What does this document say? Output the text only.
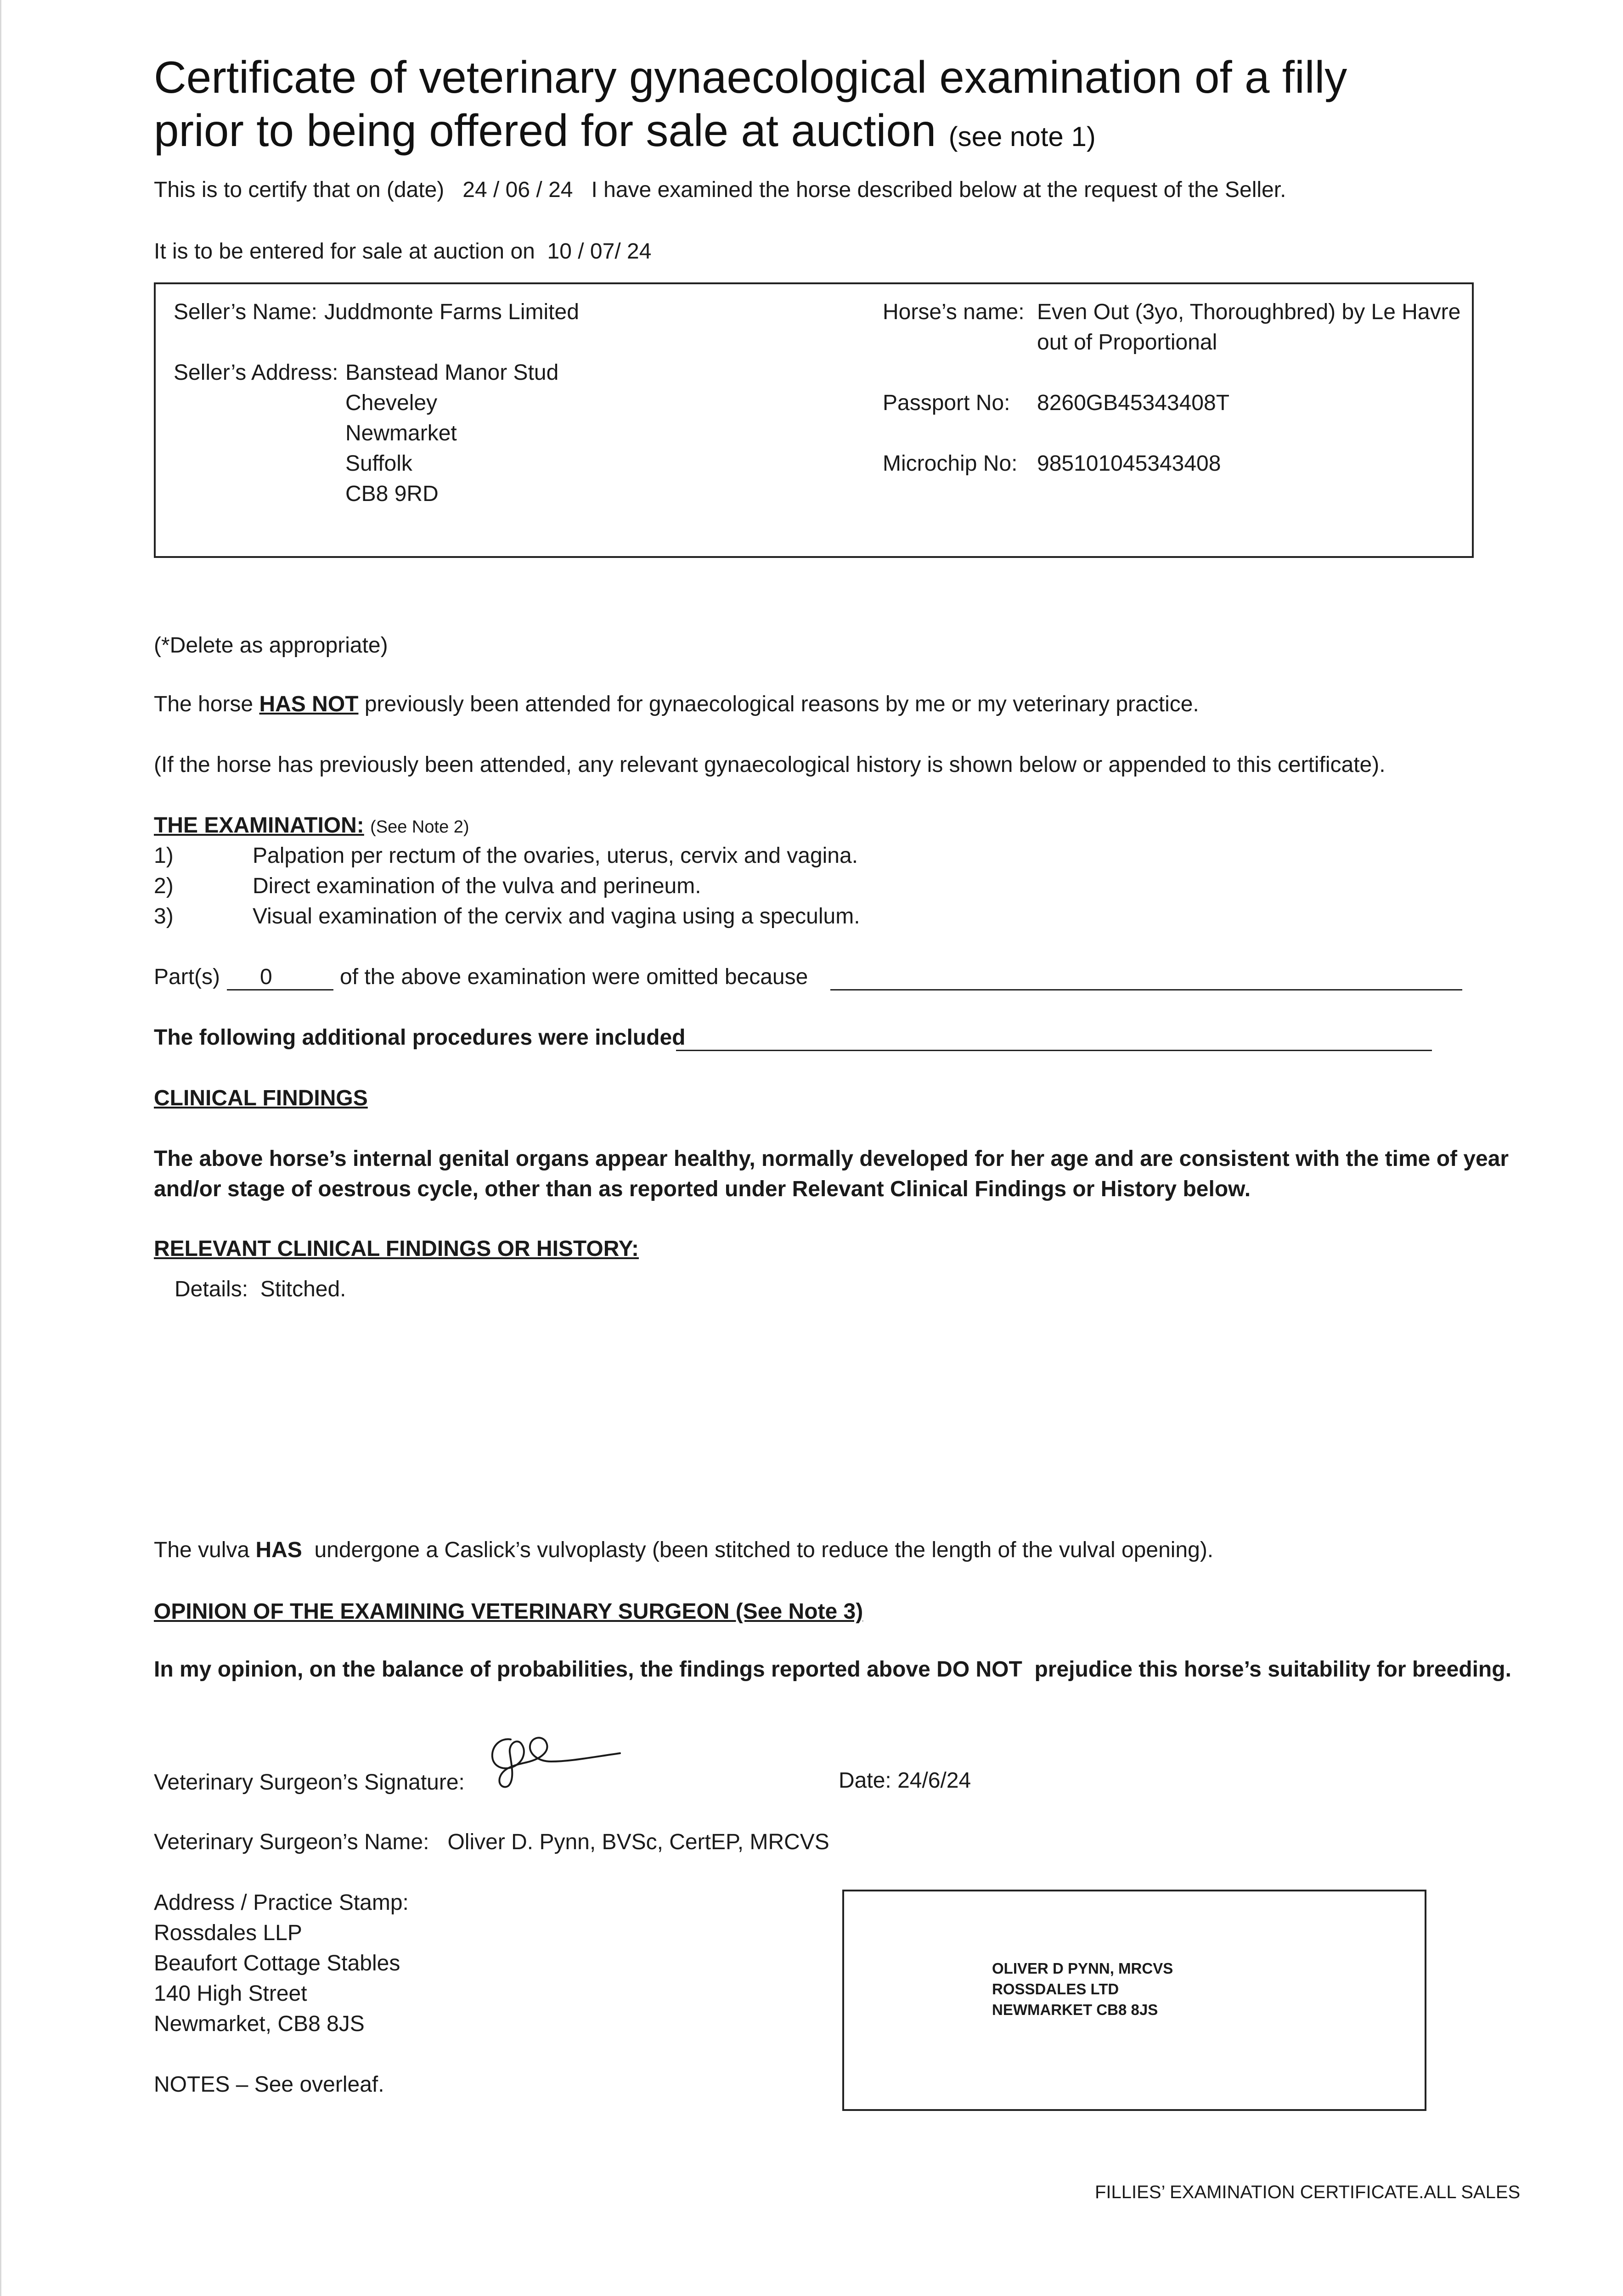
Certificate of veterinary gynaecological examination of a filly
prior to being offered for sale at auction (see note 1)
This is to certify that on (date) 24 / 06 / 24 I have examined the horse described below at the request of the Seller.
It is to be entered for sale at auction on 10 / 07/ 24
Seller’s Name: Juddmonte Farms Limited
Seller’s Address: Banstead Manor Stud
Cheveley
Newmarket
Suffolk
CB8 9RD
Horse’s name: Even Out (3yo, Thoroughbred) by Le Havre
out of Proportional
Passport No: 8260GB45343408T
Microchip No: 985101045343408
(*Delete as appropriate)
The horse HAS NOT previously been attended for gynaecological reasons by me or my veterinary practice.
(If the horse has previously been attended, any relevant gynaecological history is shown below or appended to this certificate).
THE EXAMINATION: (See Note 2)
1)	Palpation per rectum of the ovaries, uterus, cervix and vagina.
2)	Direct examination of the vulva and perineum.
3)	Visual examination of the cervix and vagina using a speculum.
Part(s) 0	of the above examination were omitted because
The following additional procedures were included
CLINICAL FINDINGS
The above horse’s internal genital organs appear healthy, normally developed for her age and are consistent with the time of year
and/or stage of oestrous cycle, other than as reported under Relevant Clinical Findings or History below.
RELEVANT CLINICAL FINDINGS OR HISTORY:
Details: Stitched.
The vulva HAS undergone a Caslick’s vulvoplasty (been stitched to reduce the length of the vulval opening).
OPINION OF THE EXAMINING VETERINARY SURGEON (See Note 3)
In my opinion, on the balance of probabilities, the findings reported above DO NOT prejudice this horse’s suitability for breeding.
Veterinary Surgeon’s Signature:	Date: 24/6/24
Veterinary Surgeon’s Name: Oliver D. Pynn, BVSc, CertEP, MRCVS
Address / Practice Stamp:
Rossdales LLP
Beaufort Cottage Stables
140 High Street
Newmarket, CB8 8JS
NOTES – See overleaf.
OLIVER D PYNN, MRCVS
ROSSDALES LTD
NEWMARKET CB8 8JS
FILLIES’ EXAMINATION CERTIFICATE.ALL SALES
